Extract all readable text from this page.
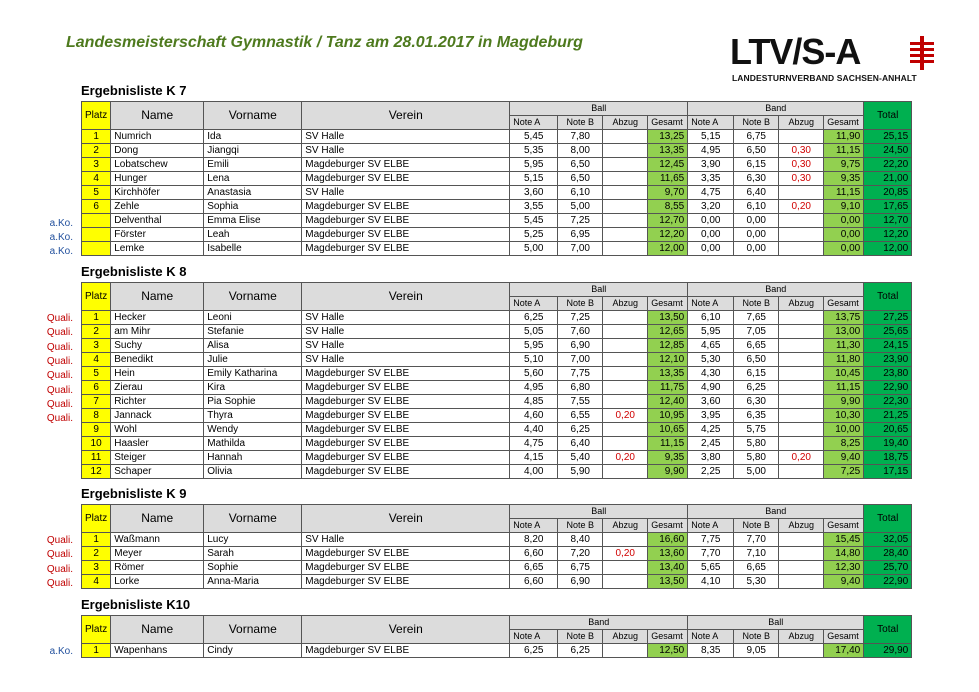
Landesmeisterschaft Gymnastik / Tanz am 28.01.2017 in Magdeburg	LTV/S-A
LANDESTURNVERBAND SACHSEN-ANHALT
Ergebnisliste K 7
Platz	Name	Vorname	Verein	Ball				Band				Total
				Note A	Note B	Abzug	Gesamt	Note A	Note B	Abzug	Gesamt	
1	Numrich	Ida	SV Halle	5,45	7,80		13,25	5,15	6,75		11,90	25,15
2	Dong	Jiangqi	SV Halle	5,35	8,00		13,35	4,95	6,50	0,30	11,15	24,50
3	Lobatschew	Emili	Magdeburger SV ELBE	5,95	6,50		12,45	3,90	6,15	0,30	9,75	22,20
4	Hunger	Lena	Magdeburger SV ELBE	5,15	6,50		11,65	3,35	6,30	0,30	9,35	21,00
5	Kirchhöfer	Anastasia	SV Halle	3,60	6,10		9,70	4,75	6,40		11,15	20,85
6	Zehle	Sophia	Magdeburger SV ELBE	3,55	5,00		8,55	3,20	6,10	0,20	9,10	17,65
	Delventhal	Emma Elise	Magdeburger SV ELBE	5,45	7,25		12,70	0,00	0,00		0,00	12,70
	Förster	Leah	Magdeburger SV ELBE	5,25	6,95		12,20	0,00	0,00		0,00	12,20
	Lemke	Isabelle	Magdeburger SV ELBE	5,00	7,00		12,00	0,00	0,00		0,00	12,00
a.Ko.
a.Ko.
a.Ko.
Ergebnisliste K 8
Platz	Name	Vorname	Verein	Ball				Band				Total
				Note A	Note B	Abzug	Gesamt	Note A	Note B	Abzug	Gesamt	
1	Hecker	Leoni	SV Halle	6,25	7,25		13,50	6,10	7,65		13,75	27,25
2	am Mihr	Stefanie	SV Halle	5,05	7,60		12,65	5,95	7,05		13,00	25,65
3	Suchy	Alisa	SV Halle	5,95	6,90		12,85	4,65	6,65		11,30	24,15
4	Benedikt	Julie	SV Halle	5,10	7,00		12,10	5,30	6,50		11,80	23,90
5	Hein	Emily Katharina	Magdeburger SV ELBE	5,60	7,75		13,35	4,30	6,15		10,45	23,80
6	Zierau	Kira	Magdeburger SV ELBE	4,95	6,80		11,75	4,90	6,25		11,15	22,90
7	Richter	Pia Sophie	Magdeburger SV ELBE	4,85	7,55		12,40	3,60	6,30		9,90	22,30
8	Jannack	Thyra	Magdeburger SV ELBE	4,60	6,55	0,20	10,95	3,95	6,35		10,30	21,25
9	Wohl	Wendy	Magdeburger SV ELBE	4,40	6,25		10,65	4,25	5,75		10,00	20,65
10	Haasler	Mathilda	Magdeburger SV ELBE	4,75	6,40		11,15	2,45	5,80		8,25	19,40
11	Steiger	Hannah	Magdeburger SV ELBE	4,15	5,40	0,20	9,35	3,80	5,80	0,20	9,40	18,75
12	Schaper	Olivia	Magdeburger SV ELBE	4,00	5,90		9,90	2,25	5,00		7,25	17,15
Quali.
Quali.
Quali.
Quali.
Quali.
Quali.
Quali.
Quali.
Ergebnisliste K 9
Platz	Name	Vorname	Verein	Ball				Band				Total
				Note A	Note B	Abzug	Gesamt	Note A	Note B	Abzug	Gesamt	
1	Waßmann	Lucy	SV Halle	8,20	8,40		16,60	7,75	7,70		15,45	32,05
2	Meyer	Sarah	Magdeburger SV ELBE	6,60	7,20	0,20	13,60	7,70	7,10		14,80	28,40
3	Römer	Sophie	Magdeburger SV ELBE	6,65	6,75		13,40	5,65	6,65		12,30	25,70
4	Lorke	Anna-Maria	Magdeburger SV ELBE	6,60	6,90		13,50	4,10	5,30		9,40	22,90
Quali.
Quali.
Quali.
Quali.
Ergebnisliste K10
Platz	Name	Vorname	Verein	Band				Ball				Total
				Note A	Note B	Abzug	Gesamt	Note A	Note B	Abzug	Gesamt	
1	Wapenhans	Cindy	Magdeburger SV ELBE	6,25	6,25		12,50	8,35	9,05		17,40	29,90
a.Ko.
